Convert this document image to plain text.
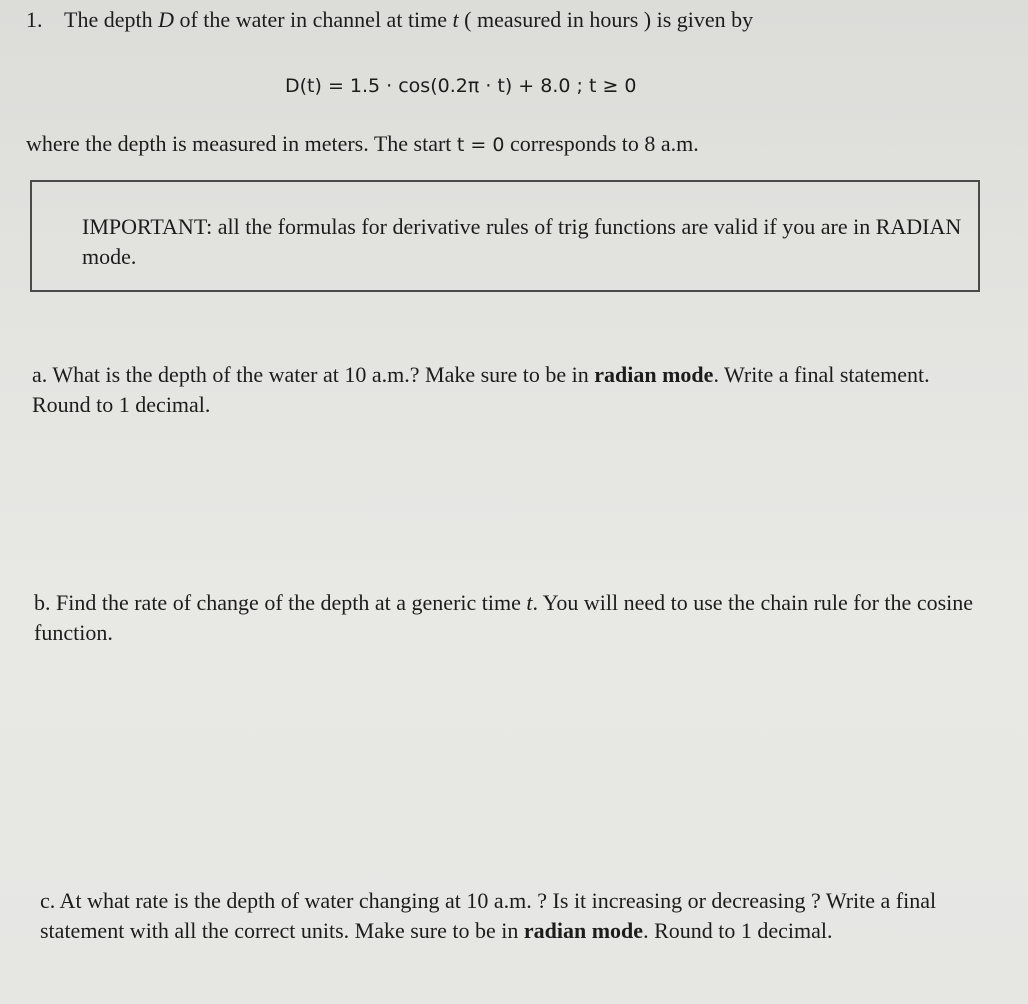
1. The depth D of the water in channel at time t ( measured in hours ) is given by
D(t) = 1.5 · cos(0.2π · t) + 8.0 ; t ≥ 0
where the depth is measured in meters. The start t = 0 corresponds to 8 a.m.
IMPORTANT: all the formulas for derivative rules of trig functions are valid if you are in RADIAN mode.
a. What is the depth of the water at 10 a.m.? Make sure to be in radian mode. Write a final statement. Round to 1 decimal.
b. Find the rate of change of the depth at a generic time t. You will need to use the chain rule for the cosine function.
c. At what rate is the depth of water changing at 10 a.m. ? Is it increasing or decreasing ? Write a final statement with all the correct units. Make sure to be in radian mode. Round to 1 decimal.
